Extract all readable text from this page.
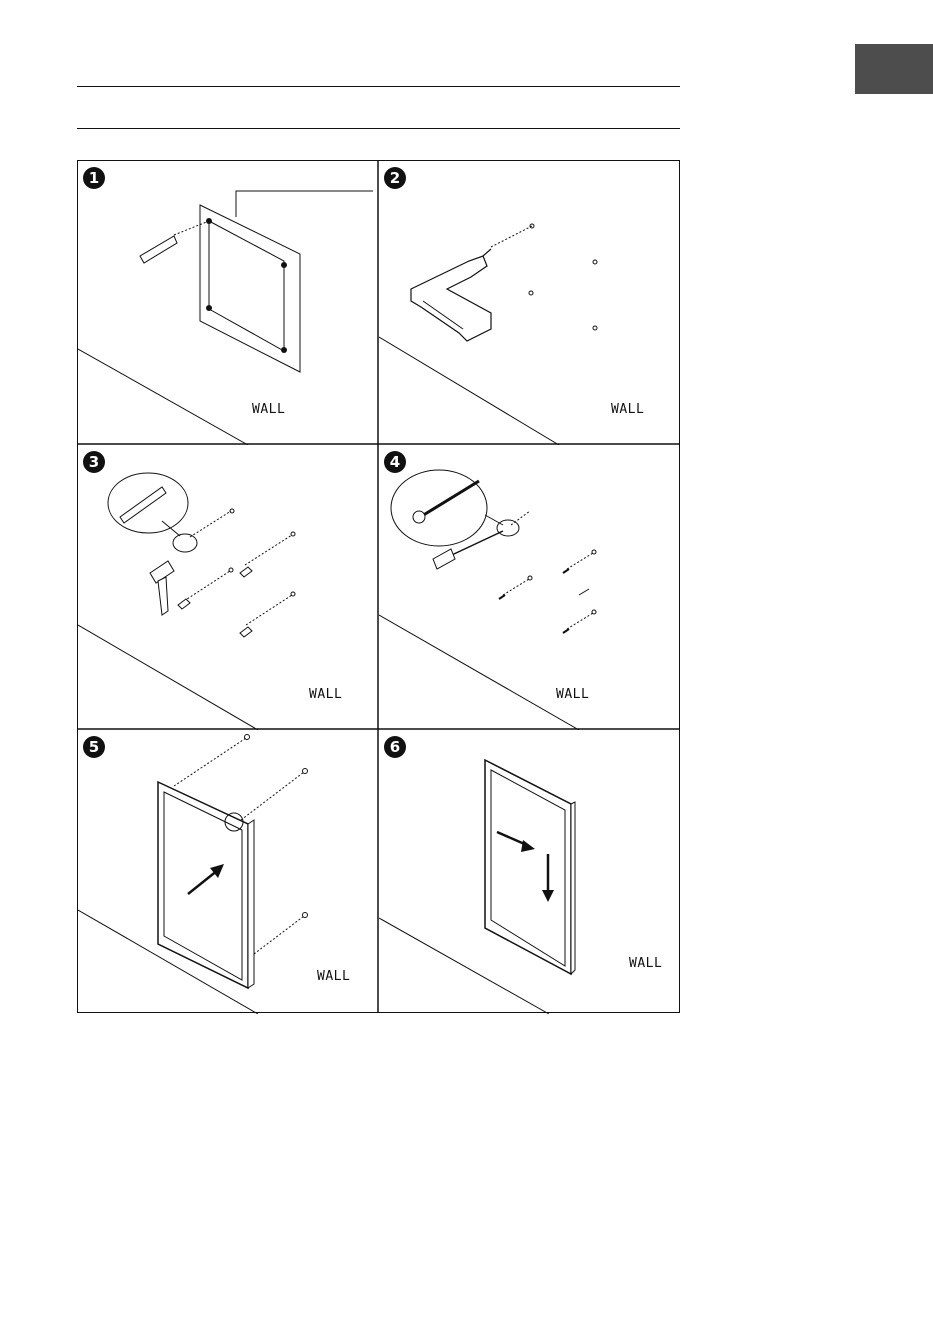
1
WALL
2
WALL
3
WALL
4
WALL
5
WALL
6
WALL
